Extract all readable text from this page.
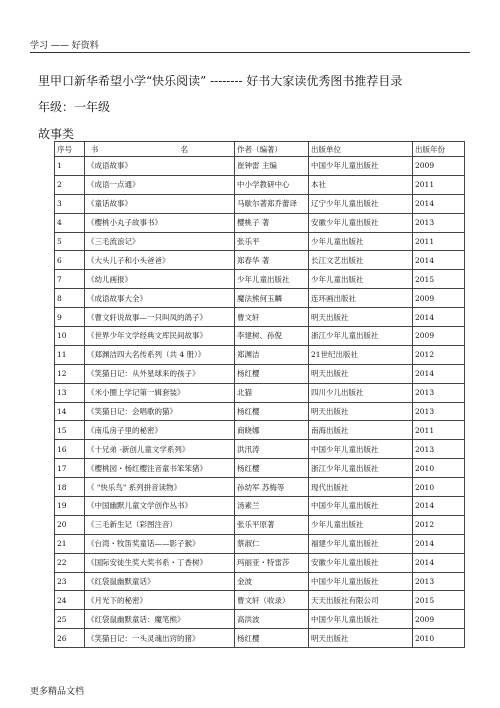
学习 —— 好资料
里甲口新华希望小学“快乐阅读” -------- 好书大家读优秀图书推荐目录
年级：一年级
故事类
序号	书 名	作者（编著）	出版单位	出版年份
1	《成语故事》	崔钟雷 主编	中国少年儿童出版社	2009
2	《成语一点通》	中小学教研中心	本社	2011
3	《童话故事》	马歇尔著郑乔蕾译	辽宁少年儿童出版社	2014
4	《樱桃小丸子故事书》	樱桃子 著	安徽少年儿童出版社	2013
5	《三毛流浪记》	张乐平	少年儿童出版社	2011
6	《大头儿子和小头爸爸》	郑春华 著	长江文艺出版社	2014
7	《幼儿画报》	少年儿童出版社	少年儿童出版社	2015
8	《成语故事大全》	魔法熊何玉麟	连环画出版社	2009
9	《曹文轩说故事—一只叫凤的鸽子》	曹文轩	明天出版社	2014
10	《世界少年文学经典文库民间故事》	李建树、孙倪	浙江少年儿童出版社	2009
11	《郑渊洁四大名传系列（共 4 册）》	郑渊洁	21世纪出版社	2012
12	《笑猫日记：从外星球来的孩子》	杨红樱	明天出版社	2014
13	《米小圈上学记第一辑套装》	北猫	四川少儿出版社	2013
14	《笑猫日记：会唱歌的猫》	杨红樱	明天出版社	2013
15	《南瓜房子里的秘密》	商晓娜	南海出版社	2011
16	《十兄弟 -新创儿童文学系列》	洪汛涛	中国少年儿童出版社	2013
17	《樱桃园・杨红樱注音童书笨笨猪》	杨红樱	浙江少年儿童出版社	2010
18	《 "快乐鸟" 系列拼音读物》	孙幼军 苏梅等	现代出版社	2010
19	《中国幽默儿童文学创作丛书》	汤素兰	中国少年儿童出版社	2014
20	《三毛新生记（彩图注音）	张乐平原著	少年儿童出版社	2012
21	《台湾・牧笛奖童话——影子猴》	蔡淑仁	福建少年儿童出版社	2014
22	《国际安徒生奖大奖书系・丁香树》	玛丽亚・特雷莎	安徽少年儿童出版社	2014
23	《红袋鼠幽默童话》	金波	中国少年儿童出版社	2013
24	《月光下的秘密》	曹文轩（收录）	天天出版社有限公司	2015
25	《红袋鼠幽默童话：魔笔熊》	高洪波	中国少年儿童出版社	2009
26	《笑猫日记：一头灵魂出窍的猪》	杨红樱	明天出版社	2010
更多精品文档
